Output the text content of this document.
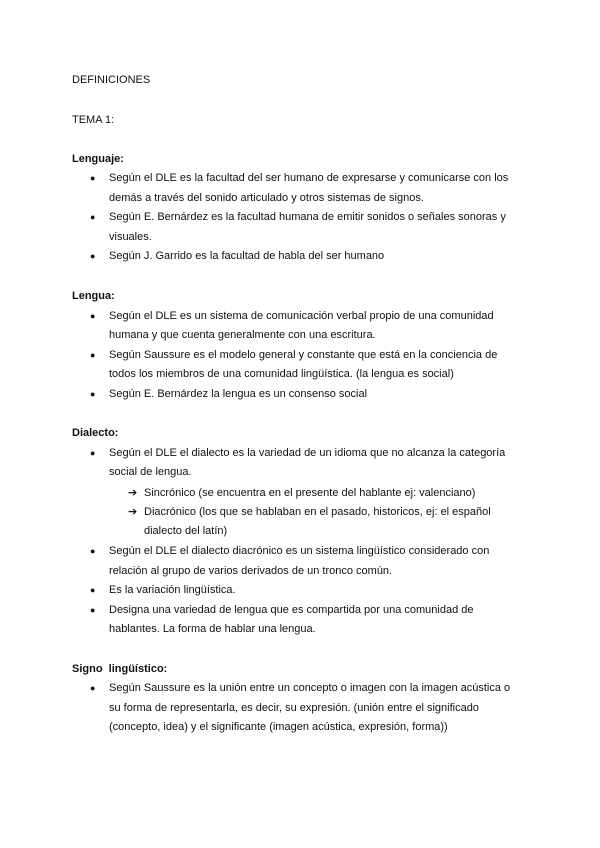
DEFINICIONES
TEMA 1:
Lenguaje:
● Según el DLE es la facultad del ser humano de expresarse y comunicarse con los
demás a través del sonido articulado y otros sistemas de signos.
● Según E. Bernárdez es la facultad humana de emitir sonidos o señales sonoras y
visuales.
● Según J. Garrido es la facultad de habla del ser humano
Lengua:
● Según el DLE es un sistema de comunicación verbal propio de una comunidad
humana y que cuenta generalmente con una escritura.
● Según Saussure es el modelo general y constante que está en la conciencia de
todos los miembros de una comunidad lingüística. (la lengua es social)
● Según E. Bernárdez la lengua es un consenso social
Dialecto:
● Según el DLE el dialecto es la variedad de un idioma que no alcanza la categoría
social de lengua.
➔ Sincrónico (se encuentra en el presente del hablante ej: valenciano)
➔ Diacrónico (los que se hablaban en el pasado, historicos, ej: el español
dialecto del latín)
● Según el DLE el dialecto diacrónico es un sistema lingüístico considerado con
relación al grupo de varios derivados de un tronco común.
● Es la variación lingüística.
● Designa una variedad de lengua que es compartida por una comunidad de
hablantes. La forma de hablar una lengua.
Signo  lingüístico:
● Según Saussure es la unión entre un concepto o imagen con la imagen acústica o
su forma de representarla, es decir, su expresión. (unión entre el significado
(concepto, idea) y el significante (imagen acústica, expresión, forma))
